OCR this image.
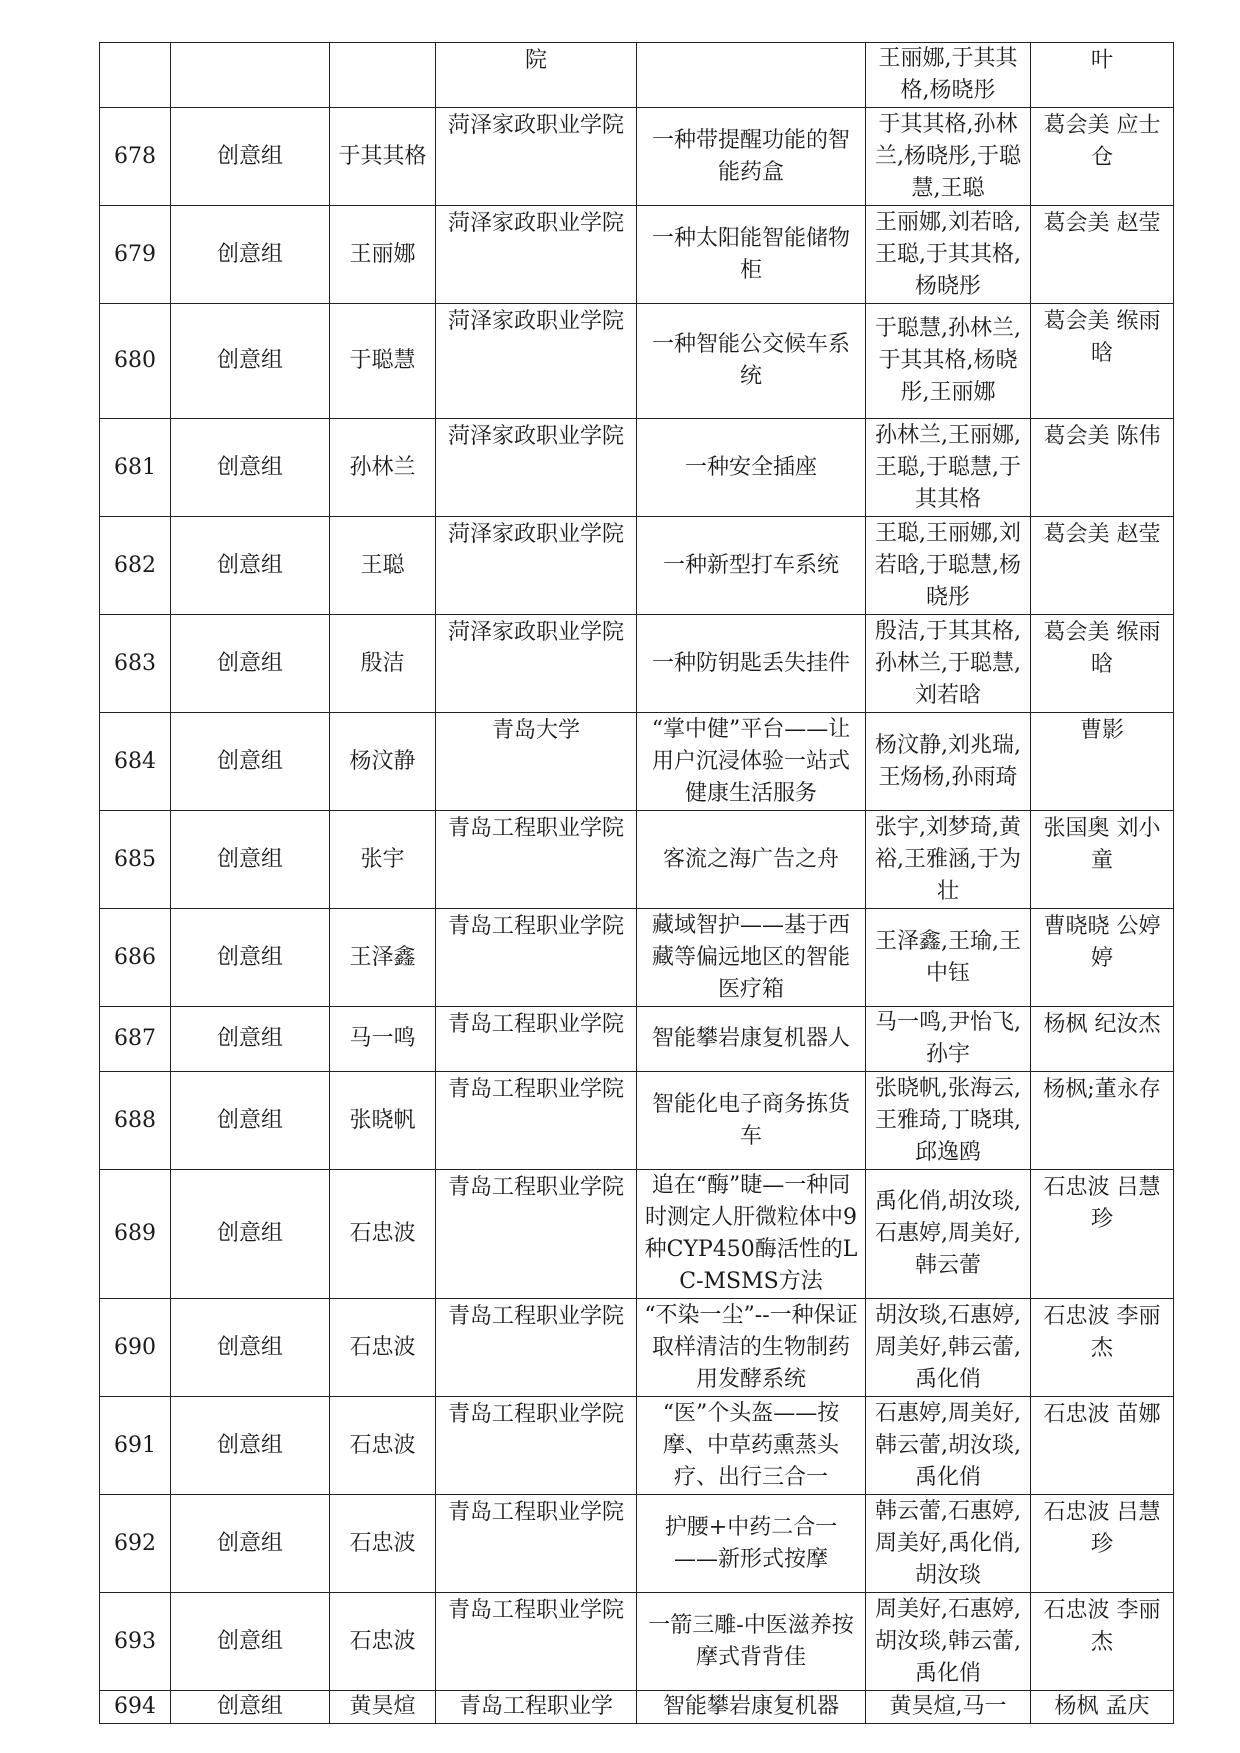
			院		王丽娜,于其其格,杨晓彤	叶
678	创意组	于其其格	菏泽家政职业学院	一种带提醒功能的智能药盒	于其其格,孙林兰,杨晓彤,于聪慧,王聪	葛会美 应士仓
679	创意组	王丽娜	菏泽家政职业学院	一种太阳能智能储物柜	王丽娜,刘若晗,王聪,于其其格,杨晓彤	葛会美 赵莹
680	创意组	于聪慧	菏泽家政职业学院	一种智能公交候车系统	于聪慧,孙林兰,于其其格,杨晓彤,王丽娜	葛会美 缑雨晗
681	创意组	孙林兰	菏泽家政职业学院	一种安全插座	孙林兰,王丽娜,王聪,于聪慧,于其其格	葛会美 陈伟
682	创意组	王聪	菏泽家政职业学院	一种新型打车系统	王聪,王丽娜,刘若晗,于聪慧,杨晓彤	葛会美 赵莹
683	创意组	殷洁	菏泽家政职业学院	一种防钥匙丢失挂件	殷洁,于其其格,孙林兰,于聪慧,刘若晗	葛会美 缑雨晗
684	创意组	杨汶静	青岛大学	“掌中健”平台——让用户沉浸体验一站式健康生活服务	杨汶静,刘兆瑞,王炀杨,孙雨琦	曹影
685	创意组	张宇	青岛工程职业学院	客流之海广告之舟	张宇,刘梦琦,黄裕,王雅涵,于为壮	张国奥 刘小童
686	创意组	王泽鑫	青岛工程职业学院	藏域智护——基于西藏等偏远地区的智能医疗箱	王泽鑫,王瑜,王中钰	曹晓晓 公婷婷
687	创意组	马一鸣	青岛工程职业学院	智能攀岩康复机器人	马一鸣,尹怡飞,孙宇	杨枫 纪汝杰
688	创意组	张晓帆	青岛工程职业学院	智能化电子商务拣货车	张晓帆,张海云,王雅琦,丁晓琪,邱逸鸥	杨枫;董永存
689	创意组	石忠波	青岛工程职业学院	追在“酶”睫—一种同时测定人肝微粒体中9种CYP450酶活性的LC-MSMS方法	禹化俏,胡汝琰,石惠婷,周美好,韩云蕾	石忠波 吕慧珍
690	创意组	石忠波	青岛工程职业学院	“不染一尘”--一种保证取样清洁的生物制药用发酵系统	胡汝琰,石惠婷,周美好,韩云蕾,禹化俏	石忠波 李丽杰
691	创意组	石忠波	青岛工程职业学院	“医”个头盔——按摩、中草药熏蒸头疗、出行三合一	石惠婷,周美好,韩云蕾,胡汝琰,禹化俏	石忠波 苗娜
692	创意组	石忠波	青岛工程职业学院	护腰+中药二合一——新形式按摩	韩云蕾,石惠婷,周美好,禹化俏,胡汝琰	石忠波 吕慧珍
693	创意组	石忠波	青岛工程职业学院	一箭三雕-中医滋养按摩式背背佳	周美好,石惠婷,胡汝琰,韩云蕾,禹化俏	石忠波 李丽杰
694	创意组	黄昊煊	青岛工程职业学	智能攀岩康复机器	黄昊煊,马一	杨枫 孟庆
